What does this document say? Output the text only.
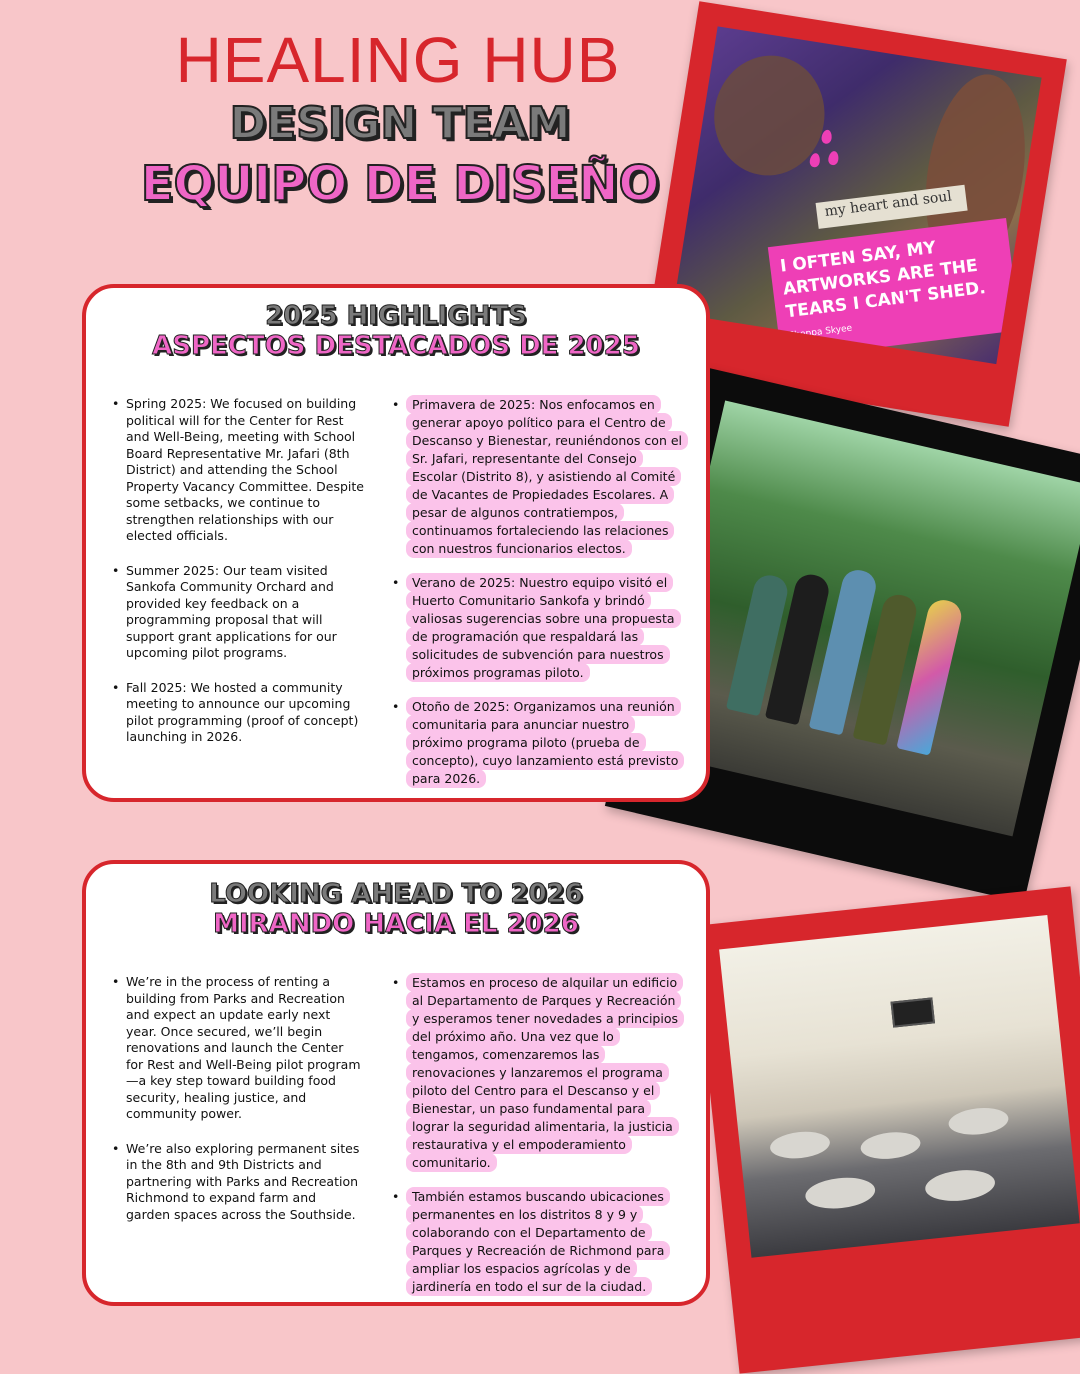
HEALING HUB
DESIGN TEAM
EQUIPO DE DISEÑO	my heart and soul
I OFTEN SAY, MY ARTWORKS ARE THE TEARS I CAN'T SHED.
Sheppa Skyee
2025 HIGHLIGHTS
ASPECTOS DESTACADOS DE 2025
• Spring 2025: We focused on building political will for the Center for Rest and Well-Being, meeting with School Board Representative Mr. Jafari (8th District) and attending the School Property Vacancy Committee. Despite some setbacks, we continue to strengthen relationships with our elected officials.
• Summer 2025: Our team visited Sankofa Community Orchard and provided key feedback on a programming proposal that will support grant applications for our upcoming pilot programs.
• Fall 2025: We hosted a community meeting to announce our upcoming pilot programming (proof of concept) launching in 2026.
• Primavera de 2025: Nos enfocamos en generar apoyo político para el Centro de Descanso y Bienestar, reuniéndonos con el Sr. Jafari, representante del Consejo Escolar (Distrito 8), y asistiendo al Comité de Vacantes de Propiedades Escolares. A pesar de algunos contratiempos, continuamos fortaleciendo las relaciones con nuestros funcionarios electos.
• Verano de 2025: Nuestro equipo visitó el Huerto Comunitario Sankofa y brindó valiosas sugerencias sobre una propuesta de programación que respaldará las solicitudes de subvención para nuestros próximos programas piloto.
• Otoño de 2025: Organizamos una reunión comunitaria para anunciar nuestro próximo programa piloto (prueba de concepto), cuyo lanzamiento está previsto para 2026.
LOOKING AHEAD TO 2026
MIRANDO HACIA EL 2026
• We’re in the process of renting a building from Parks and Recreation and expect an update early next year. Once secured, we’ll begin renovations and launch the Center for Rest and Well-Being pilot program—a key step toward building food security, healing justice, and community power.
• We’re also exploring permanent sites in the 8th and 9th Districts and partnering with Parks and Recreation Richmond to expand farm and garden spaces across the Southside.
• Estamos en proceso de alquilar un edificio al Departamento de Parques y Recreación y esperamos tener novedades a principios del próximo año. Una vez que lo tengamos, comenzaremos las renovaciones y lanzaremos el programa piloto del Centro para el Descanso y el Bienestar, un paso fundamental para lograr la seguridad alimentaria, la justicia restaurativa y el empoderamiento comunitario.
• También estamos buscando ubicaciones permanentes en los distritos 8 y 9 y colaborando con el Departamento de Parques y Recreación de Richmond para ampliar los espacios agrícolas y de jardinería en todo el sur de la ciudad.
